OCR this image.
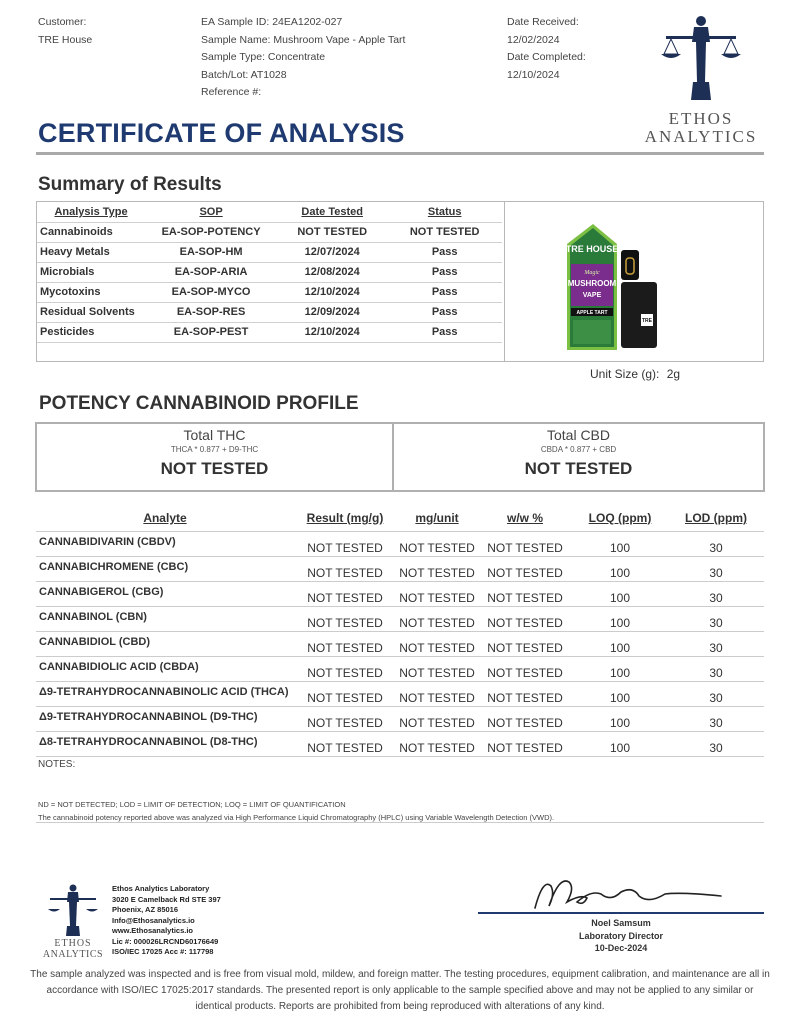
Customer:
TRE House
EA Sample ID: 24EA1202-027
Sample Name: Mushroom Vape - Apple Tart
Sample Type: Concentrate
Batch/Lot: AT1028
Reference #:
Date Received:
12/02/2024
Date Completed:
12/10/2024
ETHOS
ANALYTICS
CERTIFICATE OF ANALYSIS
Summary of Results
Analysis Type	SOP	Date Tested	Status
Cannabinoids	EA-SOP-POTENCY	NOT TESTED	NOT TESTED
Heavy Metals	EA-SOP-HM	12/07/2024	Pass
Microbials	EA-SOP-ARIA	12/08/2024	Pass
Mycotoxins	EA-SOP-MYCO	12/10/2024	Pass
Residual Solvents	EA-SOP-RES	12/09/2024	Pass
Pesticides	EA-SOP-PEST	12/10/2024	Pass
TRE HOUSE
Magic
MUSHROOM
VAPE
APPLE TART
TRE
Unit Size (g): 2g
POTENCY CANNABINOID PROFILE
Total THC
THCA * 0.877 + D9-THC
NOT TESTED
Total CBD
CBDA * 0.877 + CBD
NOT TESTED
Analyte	Result (mg/g)	mg/unit	w/w %	LOQ (ppm)	LOD (ppm)
CANNABIDIVARIN (CBDV)	NOT TESTED	NOT TESTED	NOT TESTED	100	30
CANNABICHROMENE (CBC)	NOT TESTED	NOT TESTED	NOT TESTED	100	30
CANNABIGEROL (CBG)	NOT TESTED	NOT TESTED	NOT TESTED	100	30
CANNABINOL (CBN)	NOT TESTED	NOT TESTED	NOT TESTED	100	30
CANNABIDIOL (CBD)	NOT TESTED	NOT TESTED	NOT TESTED	100	30
CANNABIDIOLIC ACID (CBDA)	NOT TESTED	NOT TESTED	NOT TESTED	100	30
Δ9-TETRAHYDROCANNABINOLIC ACID (THCA)	NOT TESTED	NOT TESTED	NOT TESTED	100	30
Δ9-TETRAHYDROCANNABINOL (D9-THC)	NOT TESTED	NOT TESTED	NOT TESTED	100	30
Δ8-TETRAHYDROCANNABINOL (D8-THC)	NOT TESTED	NOT TESTED	NOT TESTED	100	30
NOTES:
ND = NOT DETECTED; LOD = LIMIT OF DETECTION; LOQ = LIMIT OF QUANTIFICATION
The cannabinoid potency reported above was analyzed via High Performance Liquid Chromatography (HPLC) using Variable Wavelength Detection (VWD).
ETHOS
ANALYTICS
Ethos Analytics Laboratory
3020 E Camelback Rd STE 397
Phoenix, AZ 85016
Info@Ethosanalytics.io
www.Ethosanalytics.io
Lic #: 000026LRCND60176649
ISO/IEC 17025 Acc #: 117798
Noel Samsum
Laboratory Director
10-Dec-2024
The sample analyzed was inspected and is free from visual mold, mildew, and foreign matter. The testing procedures, equipment calibration, and maintenance are all in accordance with ISO/IEC 17025:2017 standards. The presented report is only applicable to the sample specified above and may not be applied to any similar or identical products. Reports are prohibited from being reproduced with alterations of any kind.
